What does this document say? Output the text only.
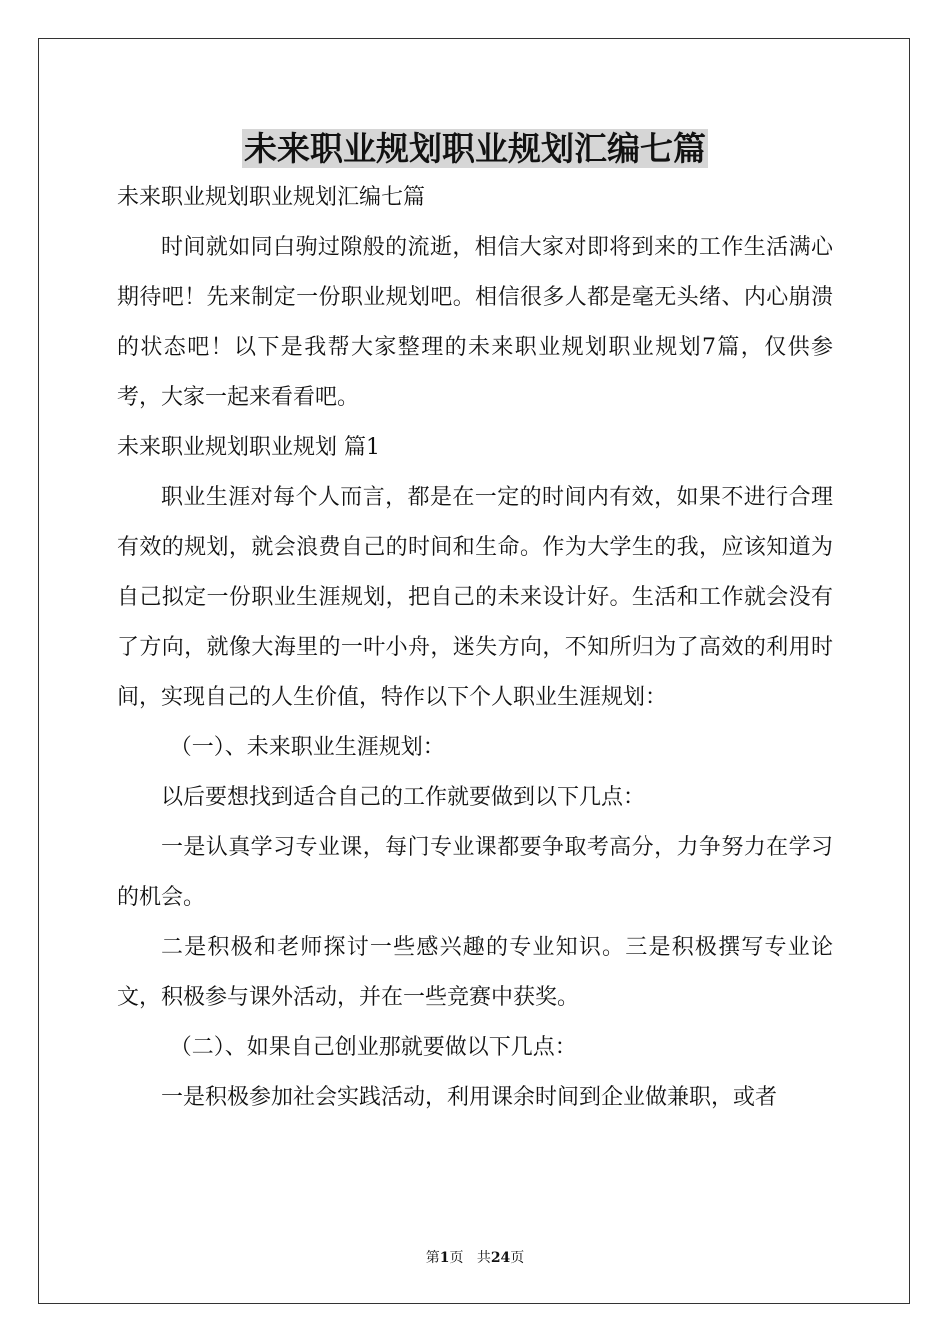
未来职业规划职业规划汇编七篇

未来职业规划职业规划汇编七篇

时间就如同白驹过隙般的流逝，相信大家对即将到来的工作生活满心期待吧！先来制定一份职业规划吧。相信很多人都是毫无头绪、内心崩溃的状态吧！以下是我帮大家整理的未来职业规划职业规划7篇，仅供参考，大家一起来看看吧。

未来职业规划职业规划 篇1

职业生涯对每个人而言，都是在一定的时间内有效，如果不进行合理有效的规划，就会浪费自己的时间和生命。作为大学生的我，应该知道为自己拟定一份职业生涯规划，把自己的未来设计好。生活和工作就会没有了方向，就像大海里的一叶小舟，迷失方向，不知所归为了高效的利用时间，实现自己的人生价值，特作以下个人职业生涯规划：

（一）、未来职业生涯规划：

以后要想找到适合自己的工作就要做到以下几点：

一是认真学习专业课，每门专业课都要争取考高分，力争努力在学习的机会。

二是积极和老师探讨一些感兴趣的专业知识。三是积极撰写专业论文，积极参与课外活动，并在一些竞赛中获奖。

（二）、如果自己创业那就要做以下几点：

一是积极参加社会实践活动，利用课余时间到企业做兼职，或者

第1页 共24页
